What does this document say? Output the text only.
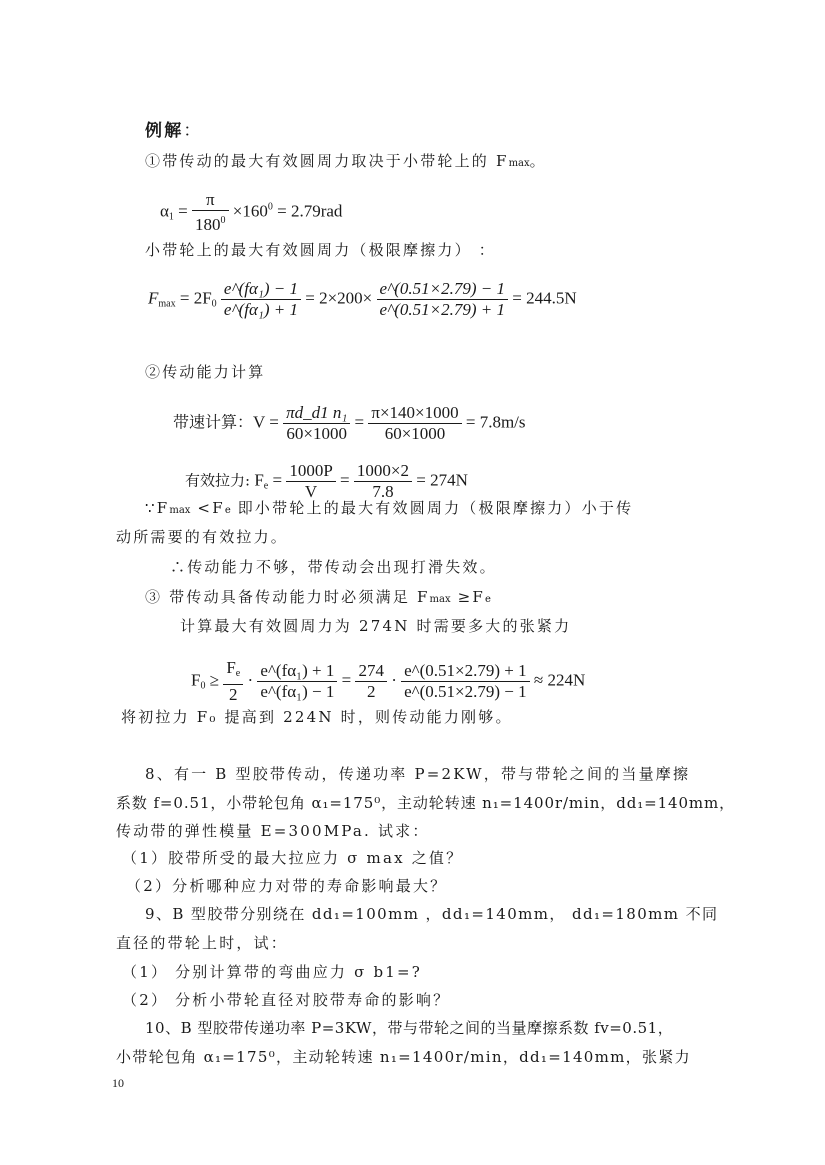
例解：
①带传动的最大有效圆周力取决于小带轮上的 Fmax。
$\alpha_1 = \frac{\pi}{180^0} \times 160^0 = 2.79rad$
小带轮上的最大有效圆周力（极限摩擦力） ：
$F_{max} = 2F_0 \frac{\text{e\textasciicircum{}(fα₁) − 1}}{\text{e\textasciicircum{}(fα₁) + 1}} = 2\times 200\times \frac{e\^{}(0.51\times 2.79) - 1}{e\^{}(0.51\times 2.79) + 1} = 244.5N$
②传动能力计算
带速计算：$V = \frac{\text{πd\_d1 n₁}}{60\times 1000} = \frac{\pi\times 140\times 1000}{60\times 1000} = 7.8m/s$
有效拉力: $F_e = \frac{1000P}{V} = \frac{1000\times 2}{7.8} = 274N$
∵Fmax <Fe 即小带轮上的最大有效圆周力（极限摩擦力）小于传
动所需要的有效拉力。
∴传动能力不够，带传动会出现打滑失效。
③ 带传动具备传动能力时必须满足 Fmax ≥Fe
计算最大有效圆周力为 274N 时需要多大的张紧力
$F_0 \ge \frac{F_e}{2} \cdot \frac{\text{e\textasciicircum{}(fα₁) + 1}}{\text{e\textasciicircum{}(fα₁) − 1}} = \frac{274}{2} \cdot \frac{e\^{}(0.51\times 2.79) + 1}{e\^{}(0.51\times 2.79) - 1} \approx 224N$
将初拉力 F₀ 提高到 224N 时，则传动能力刚够。
8、有一 B 型胶带传动，传递功率 P=2KW，带与带轮之间的当量摩擦
系数 f=0.51，小带轮包角 α₁=175⁰，主动轮转速 n₁=1400r/min，dd₁=140mm，
传动带的弹性模量 E=300MPa. 试求：
（1）胶带所受的最大拉应力 σ max 之值？
（2）分析哪种应力对带的寿命影响最大？
9、B 型胶带分别绕在 dd₁=100mm ，dd₁=140mm， dd₁=180mm 不同
直径的带轮上时，试：
（1） 分别计算带的弯曲应力 σ b1=?
（2） 分析小带轮直径对胶带寿命的影响？
10、B 型胶带传递功率 P=3KW，带与带轮之间的当量摩擦系数 fv=0.51，
小带轮包角 α₁=175⁰，主动轮转速 n₁=1400r/min，dd₁=140mm，张紧力
10
